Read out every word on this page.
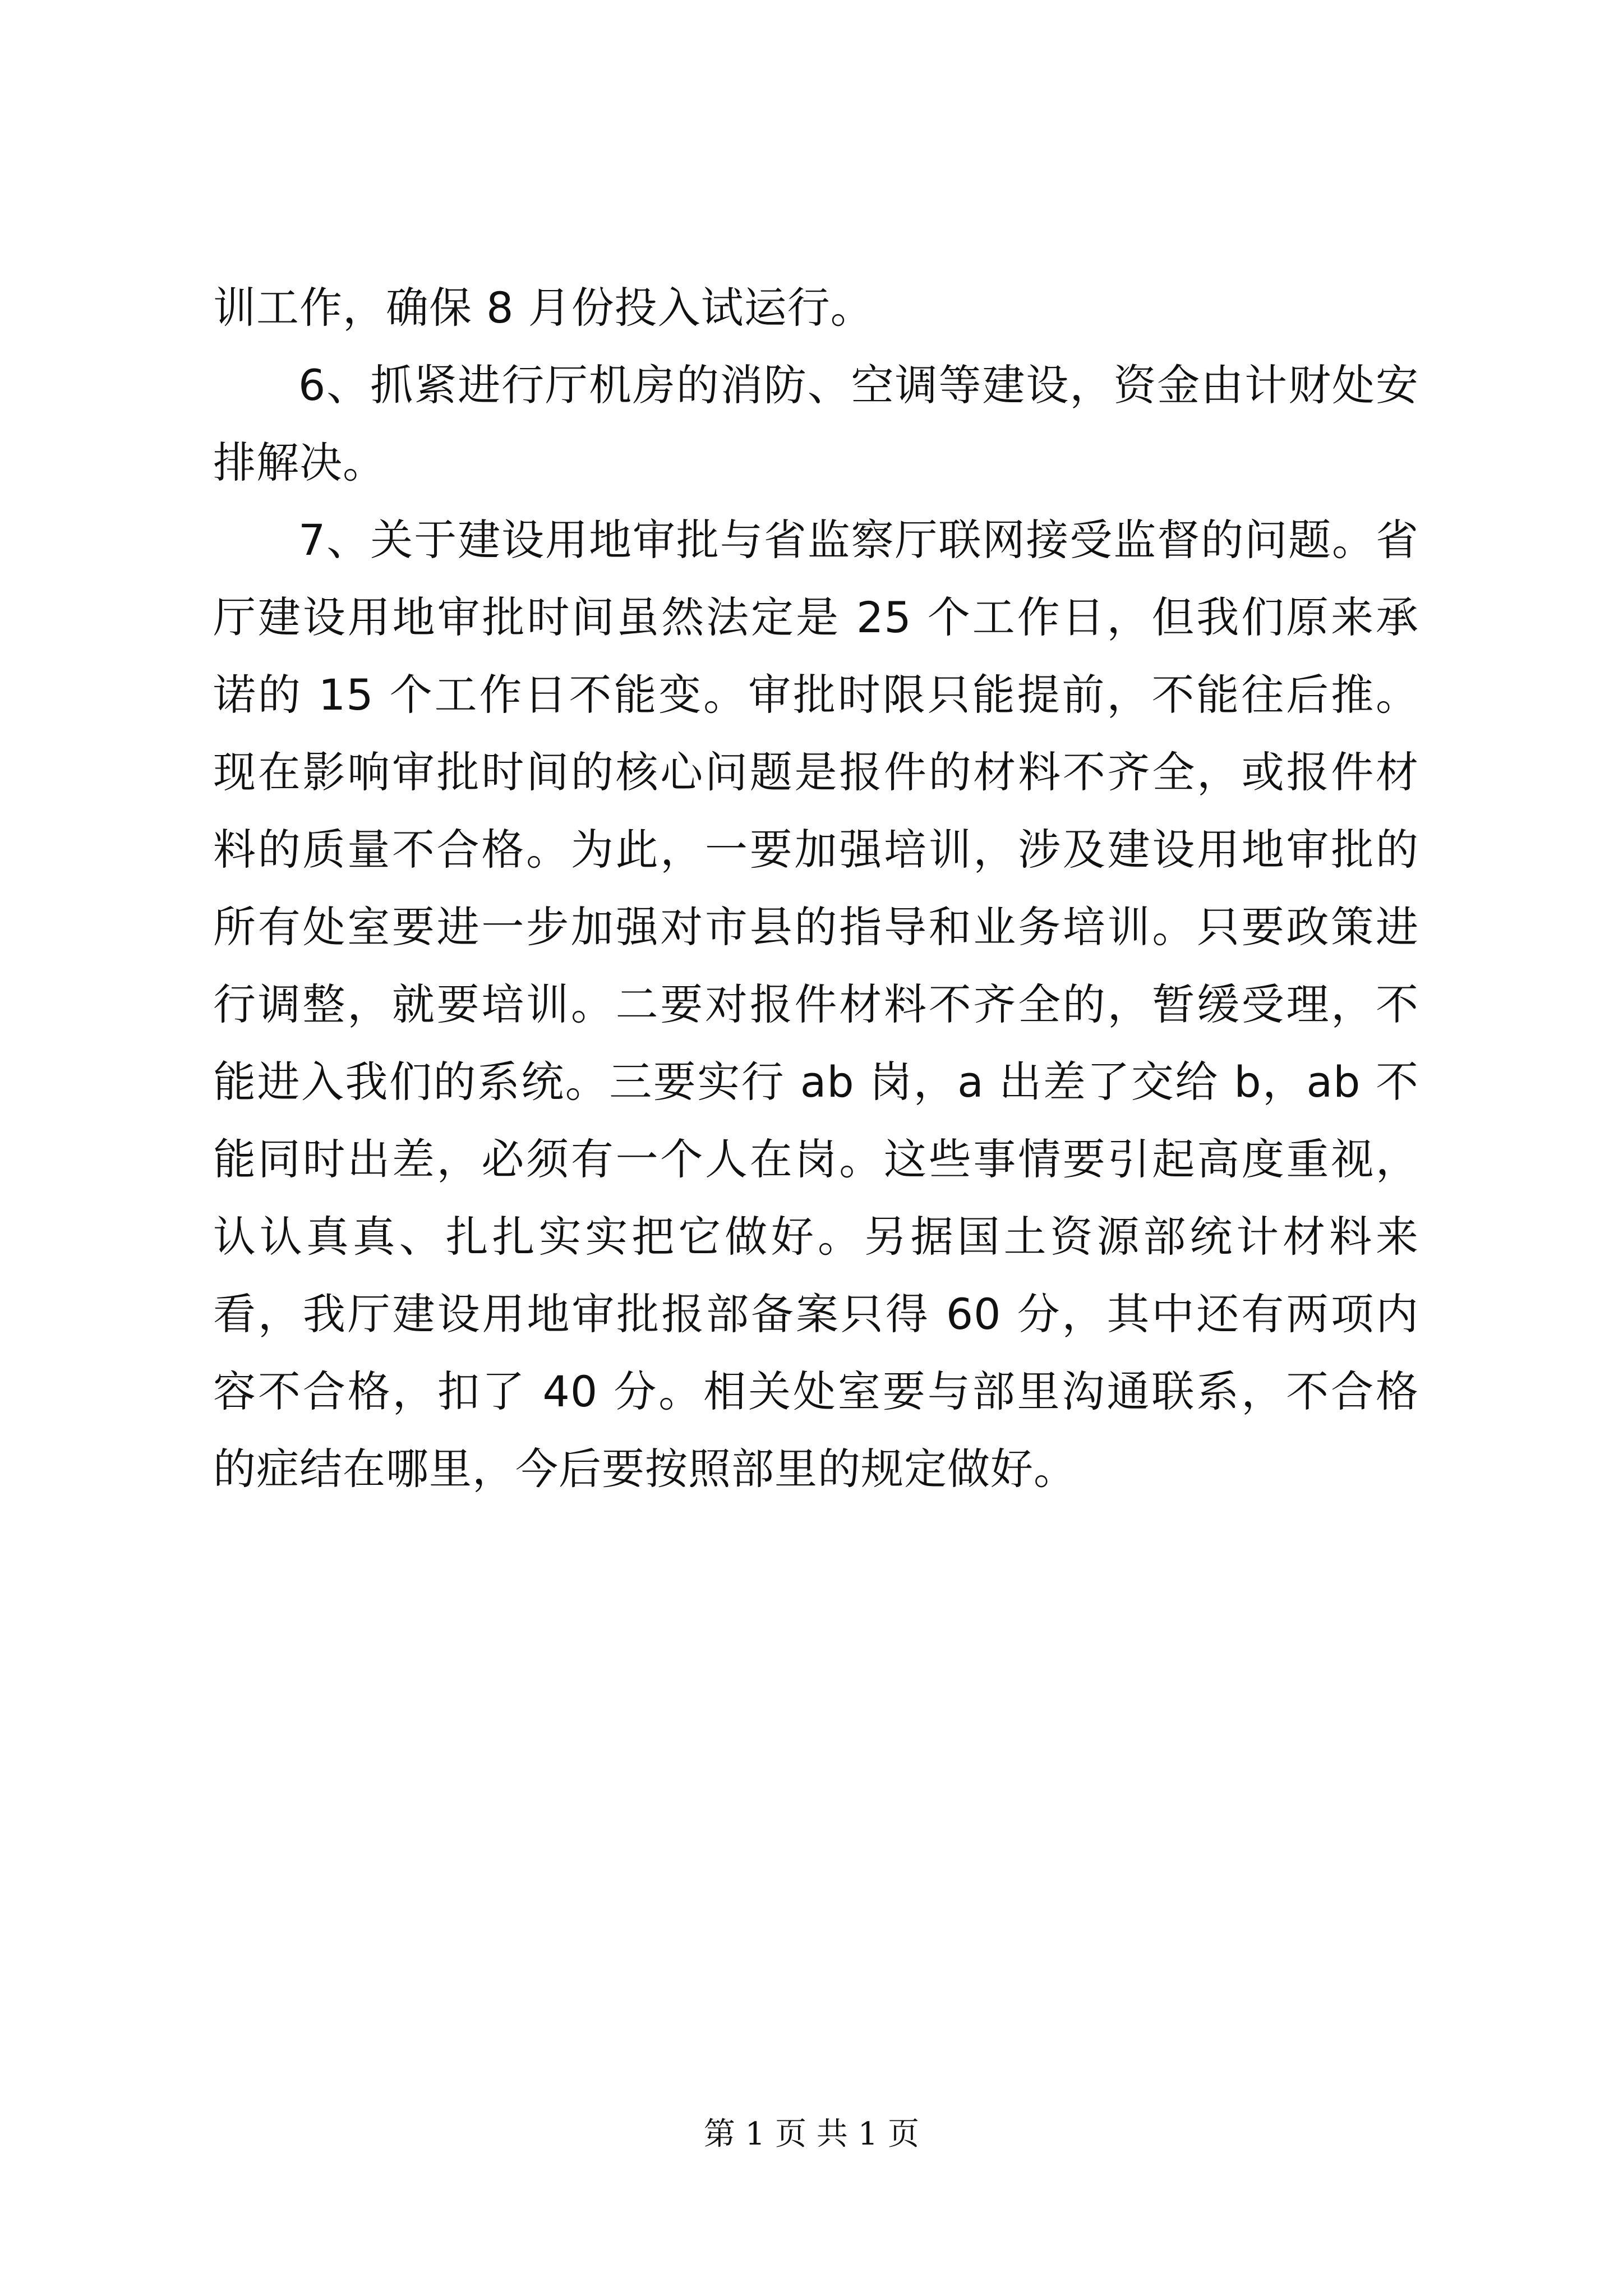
训工作，确保 8 月份投入试运行。

6、抓紧进行厅机房的消防、空调等建设，资金由计财处安排解决。

7、关于建设用地审批与省监察厅联网接受监督的问题。省厅建设用地审批时间虽然法定是 25 个工作日，但我们原来承诺的 15 个工作日不能变。审批时限只能提前，不能往后推。现在影响审批时间的核心问题是报件的材料不齐全，或报件材料的质量不合格。为此，一要加强培训，涉及建设用地审批的所有处室要进一步加强对市县的指导和业务培训。只要政策进行调整，就要培训。二要对报件材料不齐全的，暂缓受理，不能进入我们的系统。三要实行 ab 岗，a 出差了交给 b，ab 不能同时出差，必须有一个人在岗。这些事情要引起高度重视，认认真真、扎扎实实把它做好。另据国土资源部统计材料来看，我厅建设用地审批报部备案只得 60 分，其中还有两项内容不合格，扣了 40 分。相关处室要与部里沟通联系，不合格的症结在哪里，今后要按照部里的规定做好。

第 1 页 共 1 页
